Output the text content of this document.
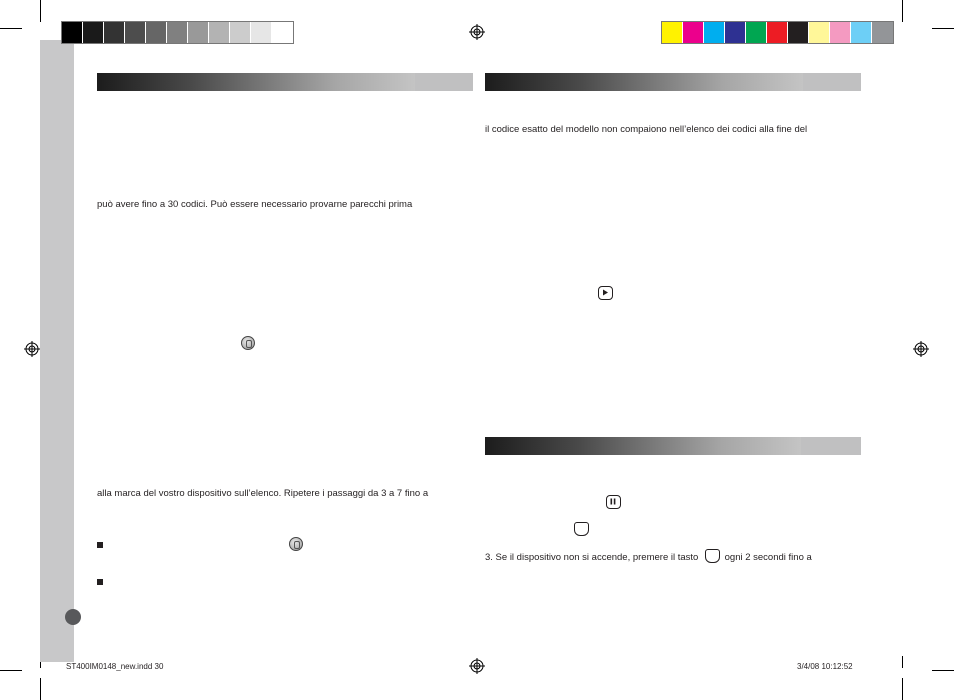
può avere fino a 30 codici. Può essere necessario provarne parecchi prima
alla marca del vostro dispositivo sull’elenco. Ripetere i passaggi da 3 a 7 fino a
il codice esatto del modello non compaiono nell’elenco dei codici alla fine del
3. Se il dispositivo non si accende, premere il tasto	ogni 2 secondi fino a
ST400IM0148_new.indd 30	3/4/08 10:12:52
